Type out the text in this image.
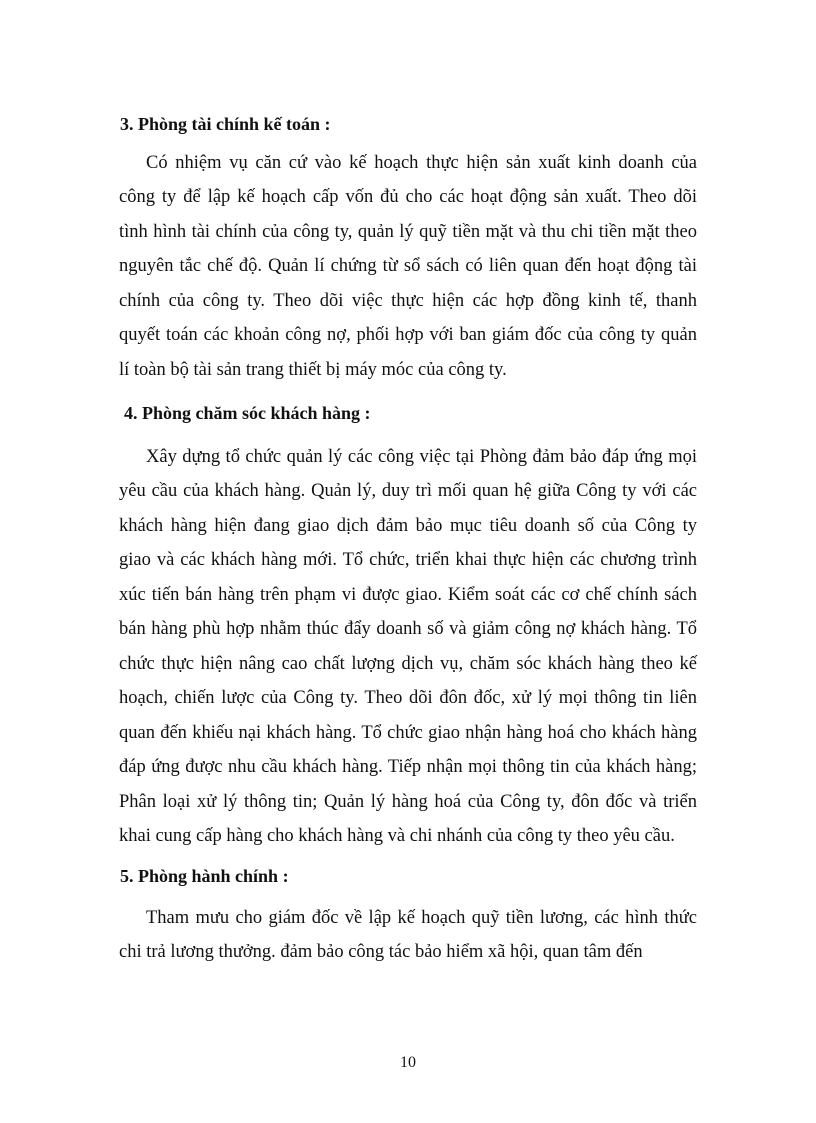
3. Phòng tài chính kế toán :
Có nhiệm vụ căn cứ vào kế hoạch thực hiện sản xuất kinh doanh của
công ty để lập kế hoạch cấp vốn đủ cho các hoạt động sản xuất. Theo dõi
tình hình tài chính của công ty, quản lý quỹ tiền mặt và thu chi tiền mặt theo
nguyên tắc chế độ. Quản lí chứng từ sổ sách có liên quan đến hoạt động tài
chính của công ty. Theo dõi việc thực hiện các hợp đồng kinh tế, thanh
quyết toán các khoản công nợ, phối hợp với ban giám đốc của công ty quản
lí toàn bộ tài sản trang thiết bị máy móc của công ty.
4. Phòng chăm sóc khách hàng :
Xây dựng tổ chức quản lý các công việc tại Phòng đảm bảo đáp ứng mọi
yêu cầu của khách hàng. Quản lý, duy trì mối quan hệ giữa Công ty với các
khách hàng hiện đang giao dịch đảm bảo mục tiêu doanh số của Công ty
giao và các khách hàng mới. Tổ chức, triển khai thực hiện các chương trình
xúc tiến bán hàng trên phạm vi được giao. Kiểm soát các cơ chế chính sách
bán hàng phù hợp nhằm thúc đẩy doanh số và giảm công nợ khách hàng. Tổ
chức thực hiện nâng cao chất lượng dịch vụ, chăm sóc khách hàng theo kế
hoạch, chiến lược của Công ty. Theo dõi đôn đốc, xử lý mọi thông tin liên
quan đến khiếu nại khách hàng. Tổ chức giao nhận hàng hoá cho khách hàng
đáp ứng được nhu cầu khách hàng. Tiếp nhận mọi thông tin của khách hàng;
Phân loại xử lý thông tin; Quản lý hàng hoá của Công ty, đôn đốc và triển
khai cung cấp hàng cho khách hàng và chi nhánh của công ty theo yêu cầu.
5. Phòng hành chính :
Tham mưu cho giám đốc về lập kế hoạch quỹ tiền lương, các hình thức
chi trả lương thưởng. đảm bảo công tác bảo hiểm xã hội, quan tâm đến
10
